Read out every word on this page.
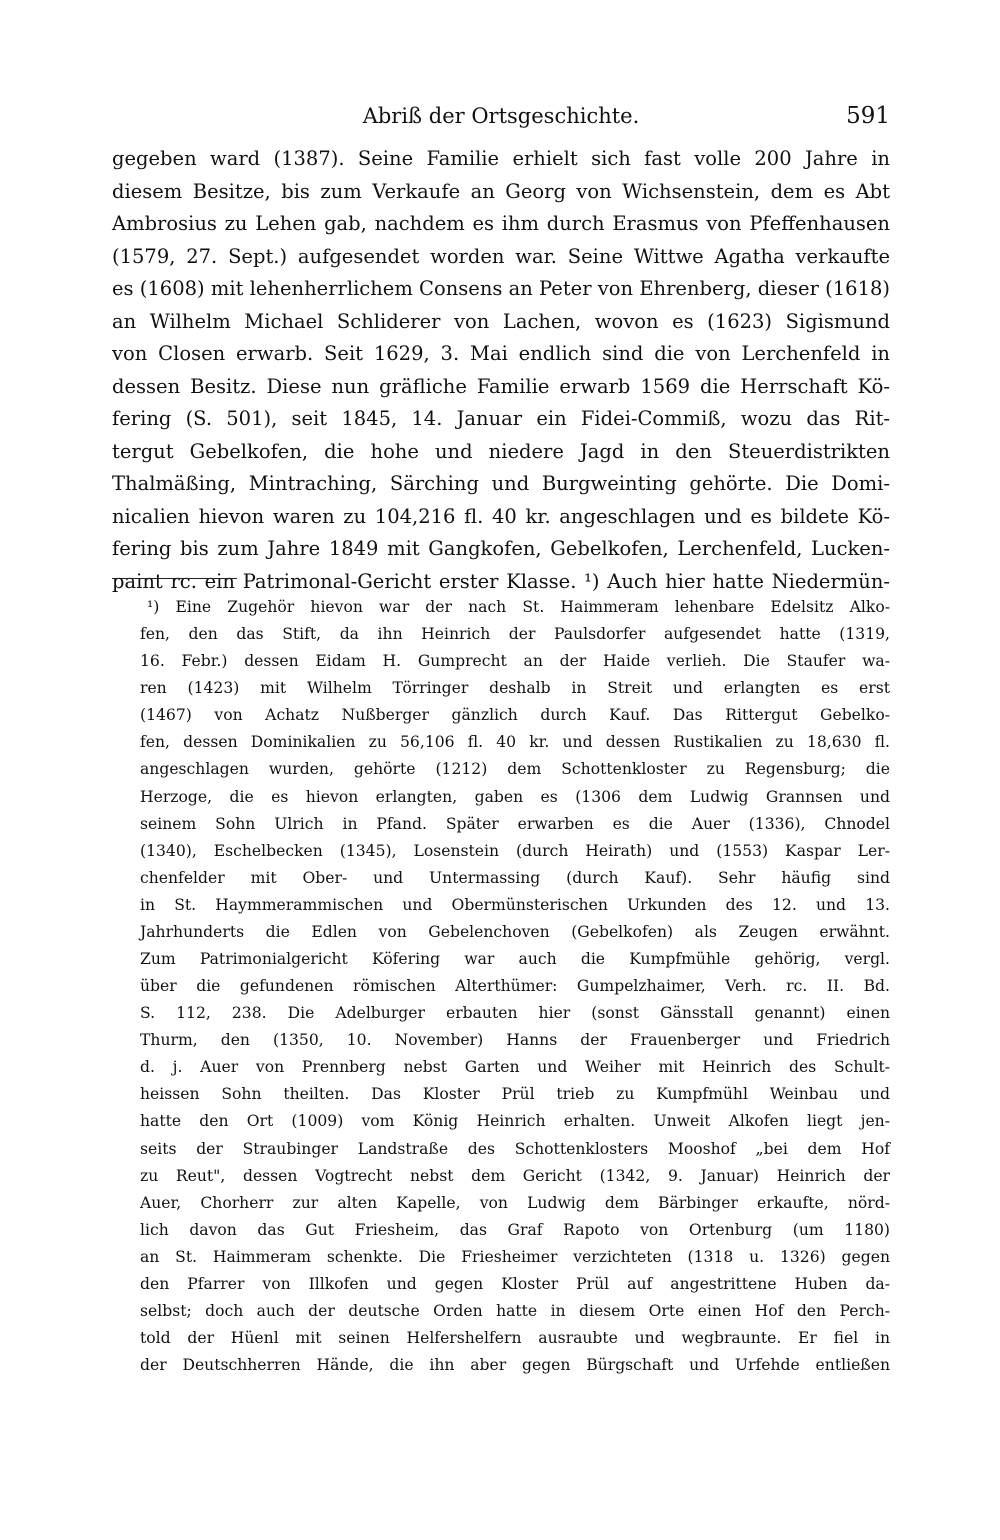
Abriß der Ortsgeschichte.	591
gegeben ward (1387). Seine Familie erhielt sich fast volle 200 Jahre in
diesem Besitze, bis zum Verkaufe an Georg von Wichsenstein, dem es Abt
Ambrosius zu Lehen gab, nachdem es ihm durch Erasmus von Pfeffenhausen
(1579, 27. Sept.) aufgesendet worden war. Seine Wittwe Agatha verkaufte
es (1608) mit lehenherrlichem Consens an Peter von Ehrenberg, dieser (1618)
an Wilhelm Michael Schliderer von Lachen, wovon es (1623) Sigismund
von Closen erwarb. Seit 1629, 3. Mai endlich sind die von Lerchenfeld in
dessen Besitz. Diese nun gräfliche Familie erwarb 1569 die Herrschaft Kö-
fering (S. 501), seit 1845, 14. Januar ein Fidei-Commiß, wozu das Rit-
tergut Gebelkofen, die hohe und niedere Jagd in den Steuerdistrikten
Thalmäßing, Mintraching, Särching und Burgweinting gehörte. Die Domi-
nicalien hievon waren zu 104,216 fl. 40 kr. angeschlagen und es bildete Kö-
fering bis zum Jahre 1849 mit Gangkofen, Gebelkofen, Lerchenfeld, Lucken-
paint rc. ein Patrimonal-Gericht erster Klasse. ¹) Auch hier hatte Niedermün-
¹) Eine Zugehör hievon war der nach St. Haimmeram lehenbare Edelsitz Alko-
fen, den das Stift, da ihn Heinrich der Paulsdorfer aufgesendet hatte (1319,
16. Febr.) dessen Eidam H. Gumprecht an der Haide verlieh. Die Staufer wa-
ren (1423) mit Wilhelm Törringer deshalb in Streit und erlangten es erst
(1467) von Achatz Nußberger gänzlich durch Kauf. Das Rittergut Gebelko-
fen, dessen Dominikalien zu 56,106 fl. 40 kr. und dessen Rustikalien zu 18,630 fl.
angeschlagen wurden, gehörte (1212) dem Schottenkloster zu Regensburg; die
Herzoge, die es hievon erlangten, gaben es (1306 dem Ludwig Grannsen und
seinem Sohn Ulrich in Pfand. Später erwarben es die Auer (1336), Chnodel
(1340), Eschelbecken (1345), Losenstein (durch Heirath) und (1553) Kaspar Ler-
chenfelder mit Ober- und Untermassing (durch Kauf). Sehr häufig sind
in St. Haymmerammischen und Obermünsterischen Urkunden des 12. und 13.
Jahrhunderts die Edlen von Gebelenchoven (Gebelkofen) als Zeugen erwähnt.
Zum Patrimonialgericht Köfering war auch die Kumpfmühle gehörig, vergl.
über die gefundenen römischen Alterthümer: Gumpelzhaimer, Verh. rc. II. Bd.
S. 112, 238. Die Adelburger erbauten hier (sonst Gänsstall genannt) einen
Thurm, den (1350, 10. November) Hanns der Frauenberger und Friedrich
d. j. Auer von Prennberg nebst Garten und Weiher mit Heinrich des Schult-
heissen Sohn theilten. Das Kloster Prül trieb zu Kumpfmühl Weinbau und
hatte den Ort (1009) vom König Heinrich erhalten. Unweit Alkofen liegt jen-
seits der Straubinger Landstraße des Schottenklosters Mooshof „bei dem Hof
zu Reut", dessen Vogtrecht nebst dem Gericht (1342, 9. Januar) Heinrich der
Auer, Chorherr zur alten Kapelle, von Ludwig dem Bärbinger erkaufte, nörd-
lich davon das Gut Friesheim, das Graf Rapoto von Ortenburg (um 1180)
an St. Haimmeram schenkte. Die Friesheimer verzichteten (1318 u. 1326) gegen
den Pfarrer von Illkofen und gegen Kloster Prül auf angestrittene Huben da-
selbst; doch auch der deutsche Orden hatte in diesem Orte einen Hof den Perch-
told der Hüenl mit seinen Helfershelfern ausraubte und wegbraunte. Er fiel in
der Deutschherren Hände, die ihn aber gegen Bürgschaft und Urfehde entließen
